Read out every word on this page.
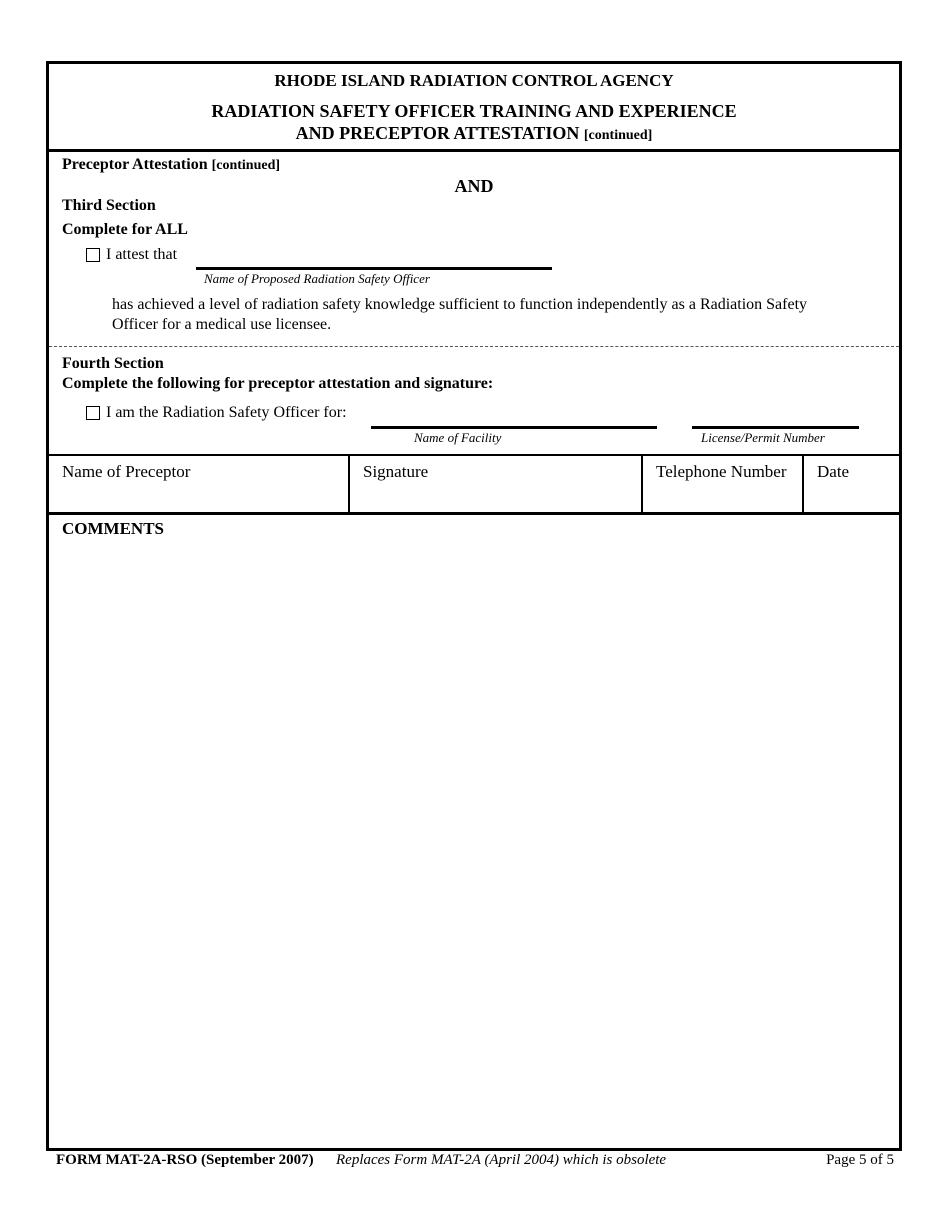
RHODE ISLAND RADIATION CONTROL AGENCY
RADIATION SAFETY OFFICER TRAINING AND EXPERIENCE
AND PRECEPTOR ATTESTATION [continued]
Preceptor Attestation [continued]
AND
Third Section
Complete for ALL
I attest that
Name of Proposed Radiation Safety Officer
has achieved a level of radiation safety knowledge sufficient to function independently as a Radiation Safety
Officer for a medical use licensee.
Fourth Section
Complete the following for preceptor attestation and signature:
I am the Radiation Safety Officer for:
Name of Facility	License/Permit Number
Name of Preceptor	Signature	Telephone Number	Date
COMMENTS
FORM MAT-2A-RSO (September 2007) Replaces Form MAT-2A (April 2004) which is obsolete	Page 5 of 5
